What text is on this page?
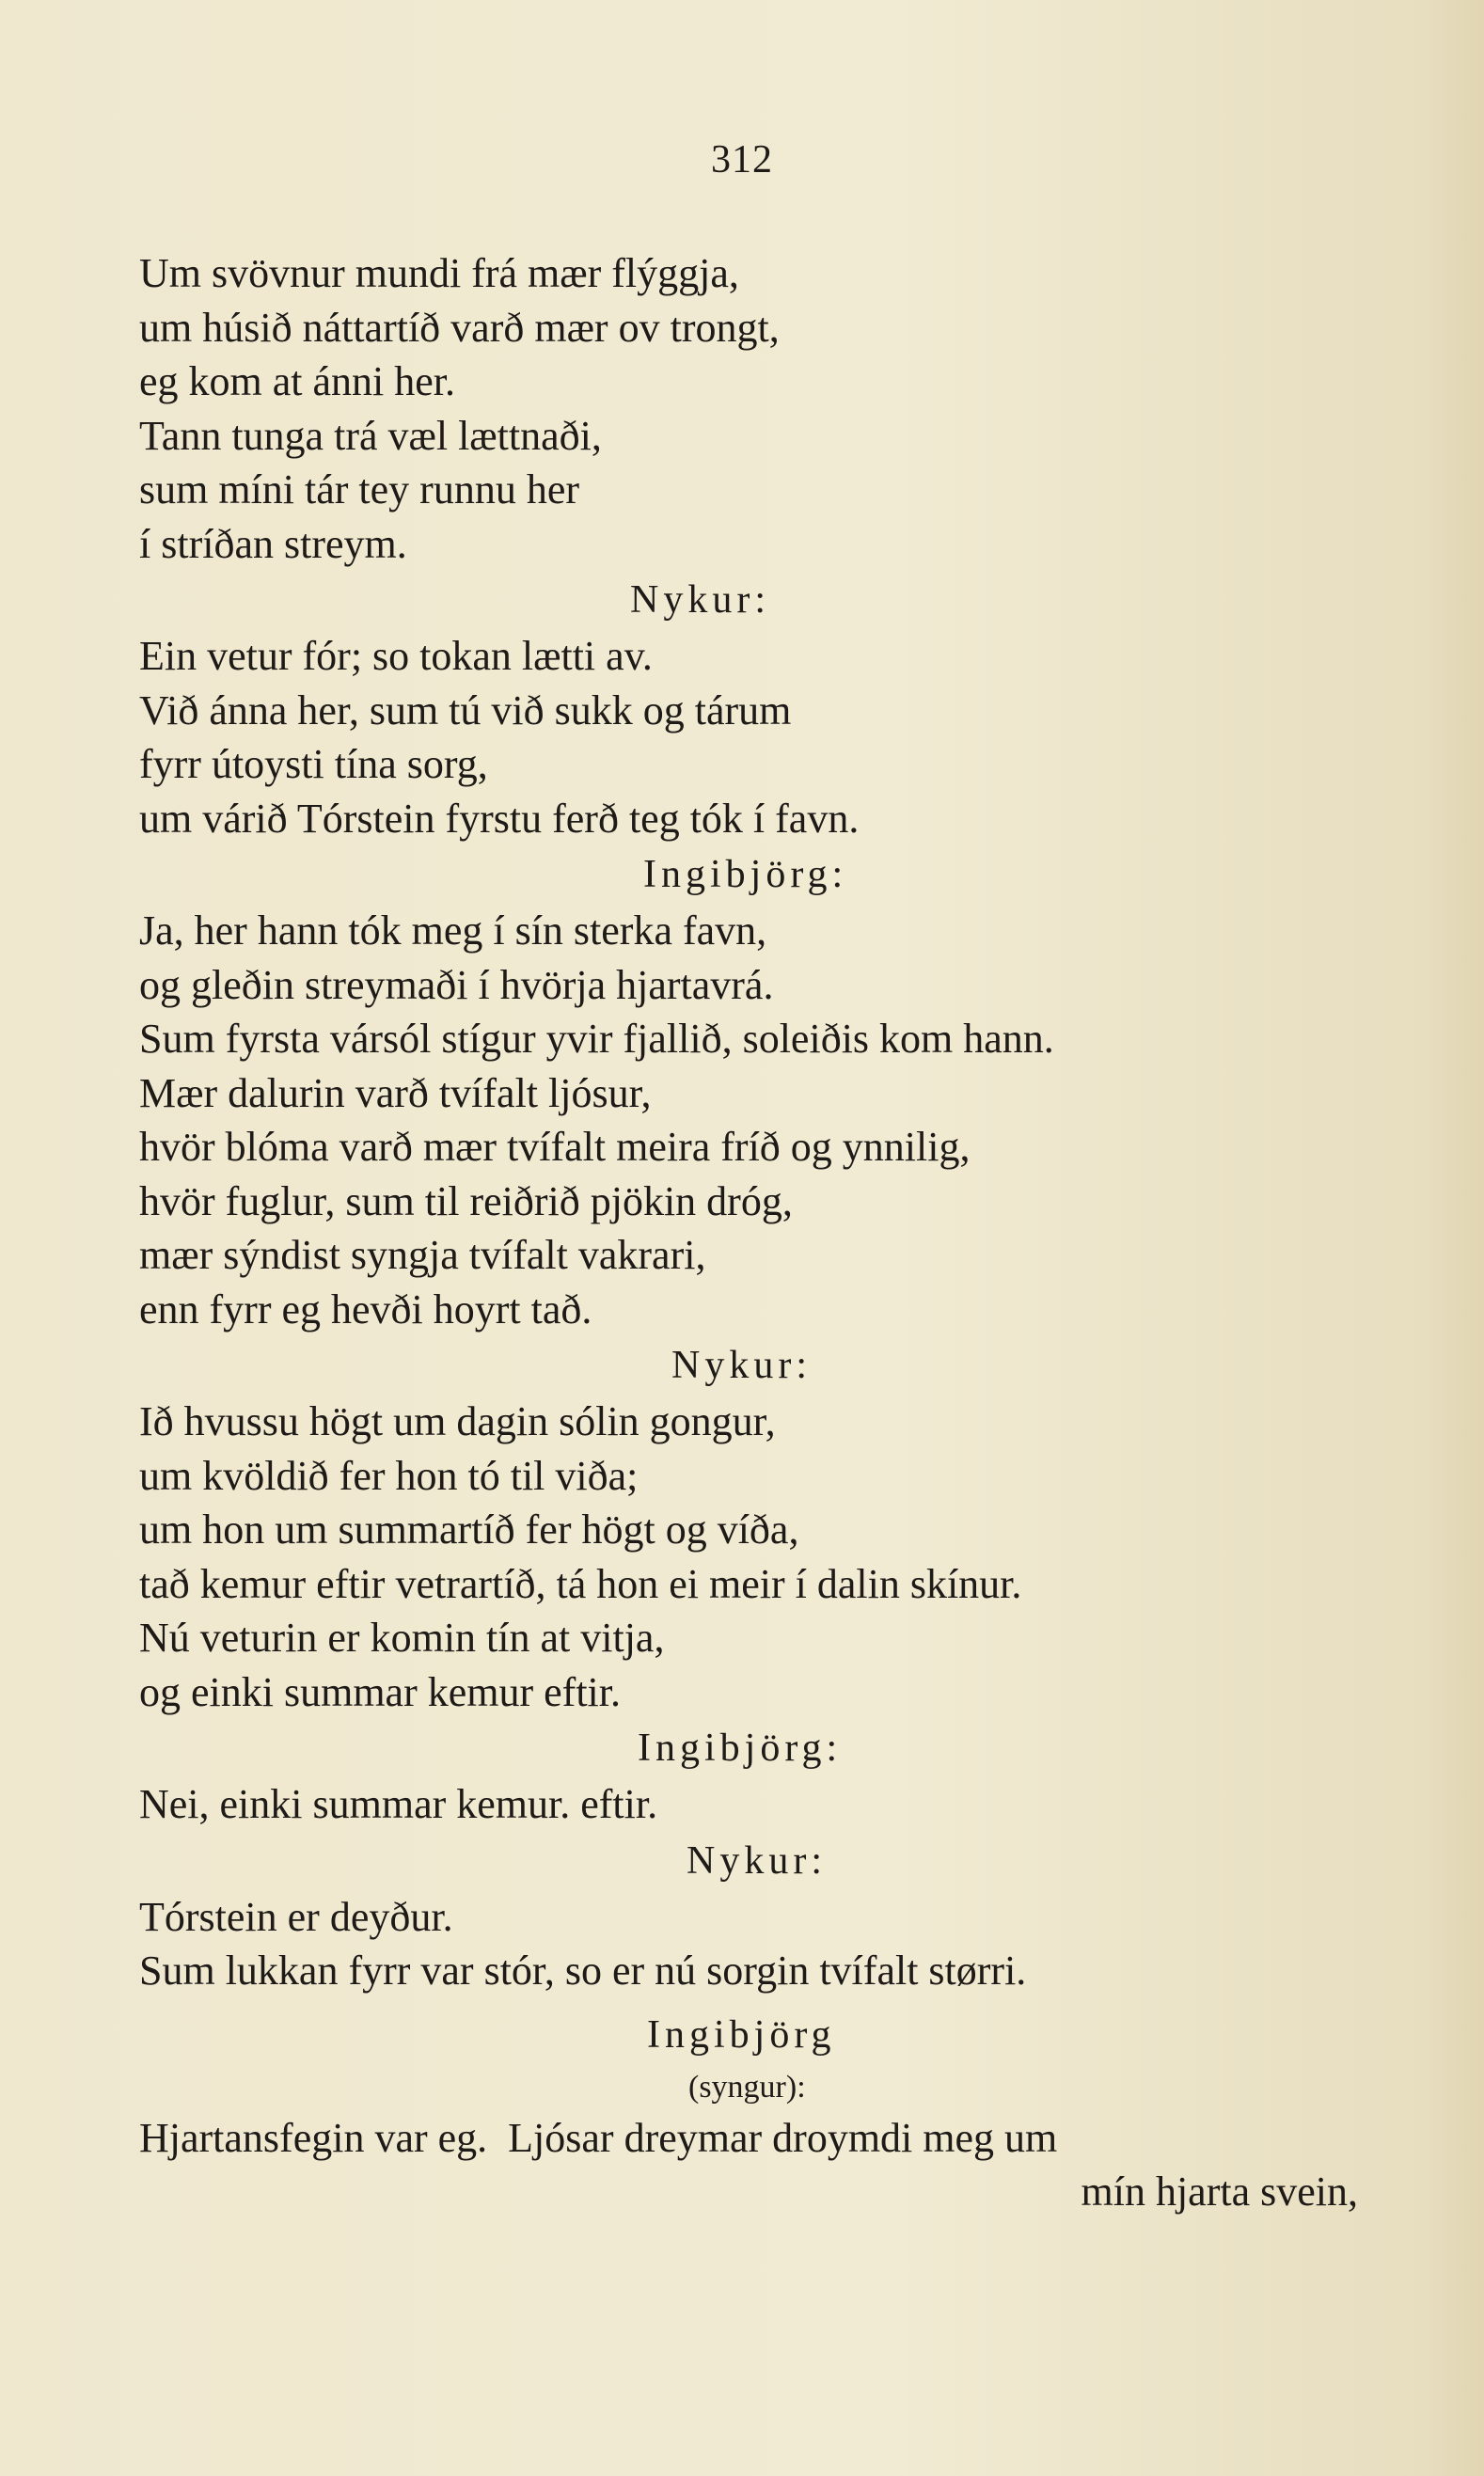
312
Um svövnur mundi frá mær flýggja,
um húsið náttartíð varð mær ov trongt,
eg kom at ánni her.
Tann tunga trá væl lættnaði,
sum míni tár tey runnu her
í stríðan streym.
Nykur:
Ein vetur fór; so tokan lætti av.
Við ánna her, sum tú við sukk og tárum
fyrr útoysti tína sorg,
um várið Tórstein fyrstu ferð teg tók í favn.
Ingibjörg:
Ja, her hann tók meg í sín sterka favn,
og gleðin streymaði í hvörja hjartavrá.
Sum fyrsta vársól stígur yvir fjallið, soleiðis kom hann.
Mær dalurin varð tvífalt ljósur,
hvör blóma varð mær tvífalt meira fríð og ynnilig,
hvör fuglur, sum til reiðrið pjökin dróg,
mær sýndist syngja tvífalt vakrari,
enn fyrr eg hevði hoyrt tað.
Nykur:
Ið hvussu högt um dagin sólin gongur,
um kvöldið fer hon tó til viða;
um hon um summartíð fer högt og víða,
tað kemur eftir vetrartíð, tá hon ei meir í dalin skínur.
Nú veturin er komin tín at vitja,
og einki summar kemur eftir.
Ingibjörg:
Nei, einki summar kemur. eftir.
Nykur:
Tórstein er deyður.
Sum lukkan fyrr var stór, so er nú sorgin tvífalt størri.
Ingibjörg
(syngur):
Hjartansfegin var eg.  Ljósar dreymar droymdi meg um
mín hjarta svein,
